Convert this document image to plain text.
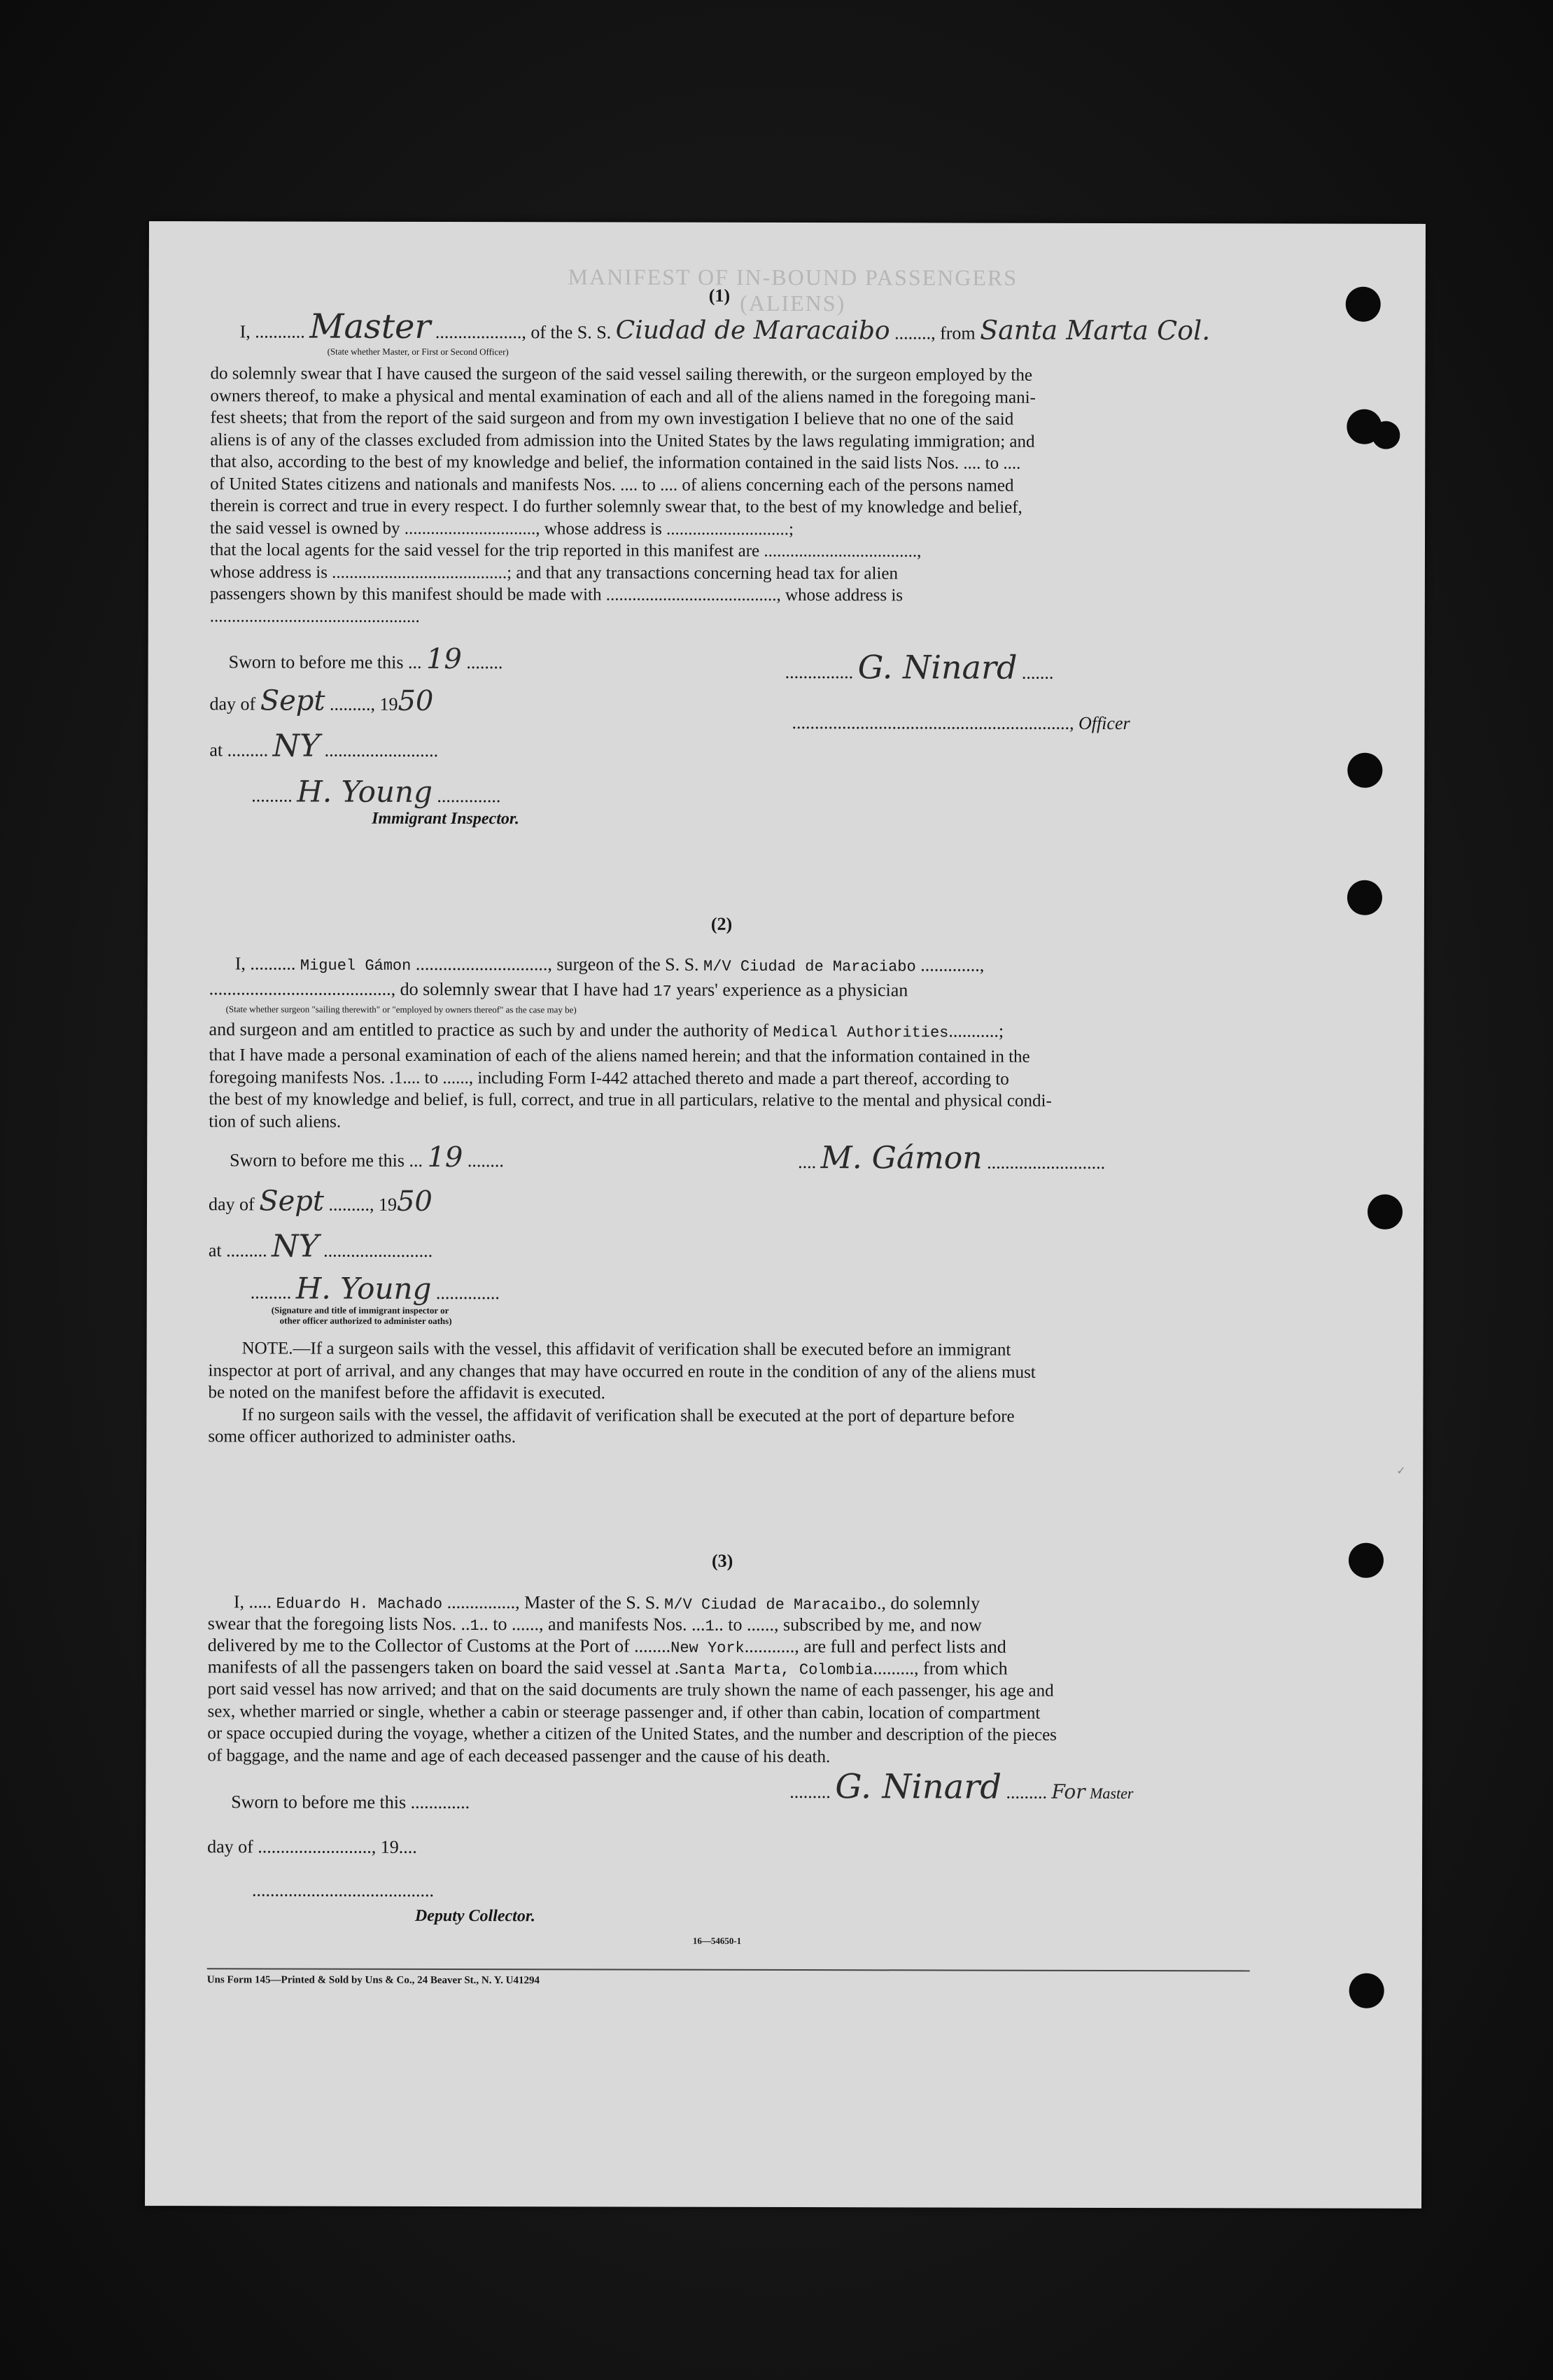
MANIFEST OF IN-BOUND PASSENGERS (ALIENS)
(1)
I, ........... Master ..................., of the S. S. Ciudad de Maracaibo ........, from Santa Marta Col.
(State whether Master, or First or Second Officer)
do solemnly swear that I have caused the surgeon of the said vessel sailing therewith, or the surgeon employed by the
owners thereof, to make a physical and mental examination of each and all of the aliens named in the foregoing mani-
fest sheets; that from the report of the said surgeon and from my own investigation I believe that no one of the said
aliens is of any of the classes excluded from admission into the United States by the laws regulating immigration; and
that also, according to the best of my knowledge and belief, the information contained in the said lists Nos. .... to ....
of United States citizens and nationals and manifests Nos. .... to .... of aliens concerning each of the persons named
therein is correct and true in every respect. I do further solemnly swear that, to the best of my knowledge and belief,
the said vessel is owned by .............................., whose address is ............................;
that the local agents for the said vessel for the trip reported in this manifest are ...................................,
whose address is ........................................; and that any transactions concerning head tax for alien
passengers shown by this manifest should be made with ......................................., whose address is
................................................
Sworn to before me this ... 19 ........
day of Sept ........., 1950
at ......... NY .........................
......... H. Young ..............
Immigrant Inspector.
............... G. Ninard .......
............................................................., Officer
(2)
I, .......... Miguel Gámon ............................., surgeon of the S. S. M/V Ciudad de Maraciabo .............,
........................................, do solemnly swear that I have had 17 years' experience as a physician
(State whether surgeon "sailing therewith" or "employed by owners thereof" as the case may be)
and surgeon and am entitled to practice as such by and under the authority of Medical Authorities...........;
that I have made a personal examination of each of the aliens named herein; and that the information contained in the
foregoing manifests Nos. .1.... to ......, including Form I-442 attached thereto and made a part thereof, according to
the best of my knowledge and belief, is full, correct, and true in all particulars, relative to the mental and physical condi-
tion of such aliens.
Sworn to before me this ... 19 ........
day of Sept ........., 1950
at ......... NY ........................
......... H. Young ..............
(Signature and title of immigrant inspector or
other officer authorized to administer oaths)
.... M. Gámon ..........................
NOTE.—If a surgeon sails with the vessel, this affidavit of verification shall be executed before an immigrant
inspector at port of arrival, and any changes that may have occurred en route in the condition of any of the aliens must
be noted on the manifest before the affidavit is executed.
If no surgeon sails with the vessel, the affidavit of verification shall be executed at the port of departure before
some officer authorized to administer oaths.
(3)
I, ..... Eduardo H. Machado ..............., Master of the S. S. M/V Ciudad de Maracaibo., do solemnly
swear that the foregoing lists Nos. ..1.. to ......, and manifests Nos. ...1.. to ......, subscribed by me, and now
delivered by me to the Collector of Customs at the Port of ........New York..........., are full and perfect lists and
manifests of all the passengers taken on board the said vessel at .Santa Marta, Colombia........., from which
port said vessel has now arrived; and that on the said documents are truly shown the name of each passenger, his age and
sex, whether married or single, whether a cabin or steerage passenger and, if other than cabin, location of compartment
or space occupied during the voyage, whether a citizen of the United States, and the number and description of the pieces
of baggage, and the name and age of each deceased passenger and the cause of his death.
Sworn to before me this .............
day of ........................., 19....
........................................
Deputy Collector.
......... G. Ninard ......... For Master
16—54650-1
Uns Form 145—Printed & Sold by Uns & Co., 24 Beaver St., N. Y. U41294
✓
